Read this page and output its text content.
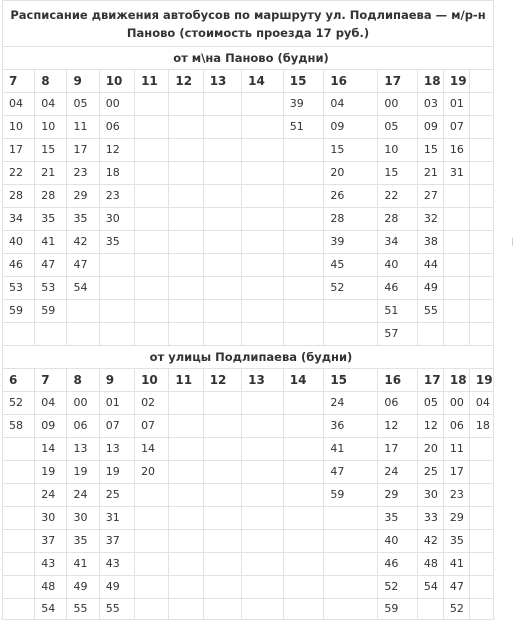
Расписание движения автобусов по маршруту ул. Подлипаева — м/р-н
Паново (стоимость проезда 17 руб.)													

от м\на Паново (будни)													
7	8	9	10	11	12	13	14	15	16	17	18	19	
04	04	05	00					39	04	00	03	01	
10	10	11	06					51	09	05	09	07	
17	15	17	12						15	10	15	16	
22	21	23	18						20	15	21	31	
28	28	29	23						26	22	27		
34	35	35	30						28	28	32		
40	41	42	35						39	34	38		
46	47	47							45	40	44		
53	53	54							52	46	49		
59	59									51	55		
										57			
от улицы Подлипаева (будни)													
6	7	8	9	10	11	12	13	14	15	16	17	18	19
52	04	00	01	02					24	06	05	00	04
58	09	06	07	07					36	12	12	06	18
	14	13	13	14					41	17	20	11	
	19	19	19	20					47	24	25	17	
	24	24	25						59	29	30	23	
	30	30	31							35	33	29	
	37	35	37							40	42	35	
	43	41	43							46	48	41	
	48	49	49							52	54	47	
	54	55	55							59		52	
